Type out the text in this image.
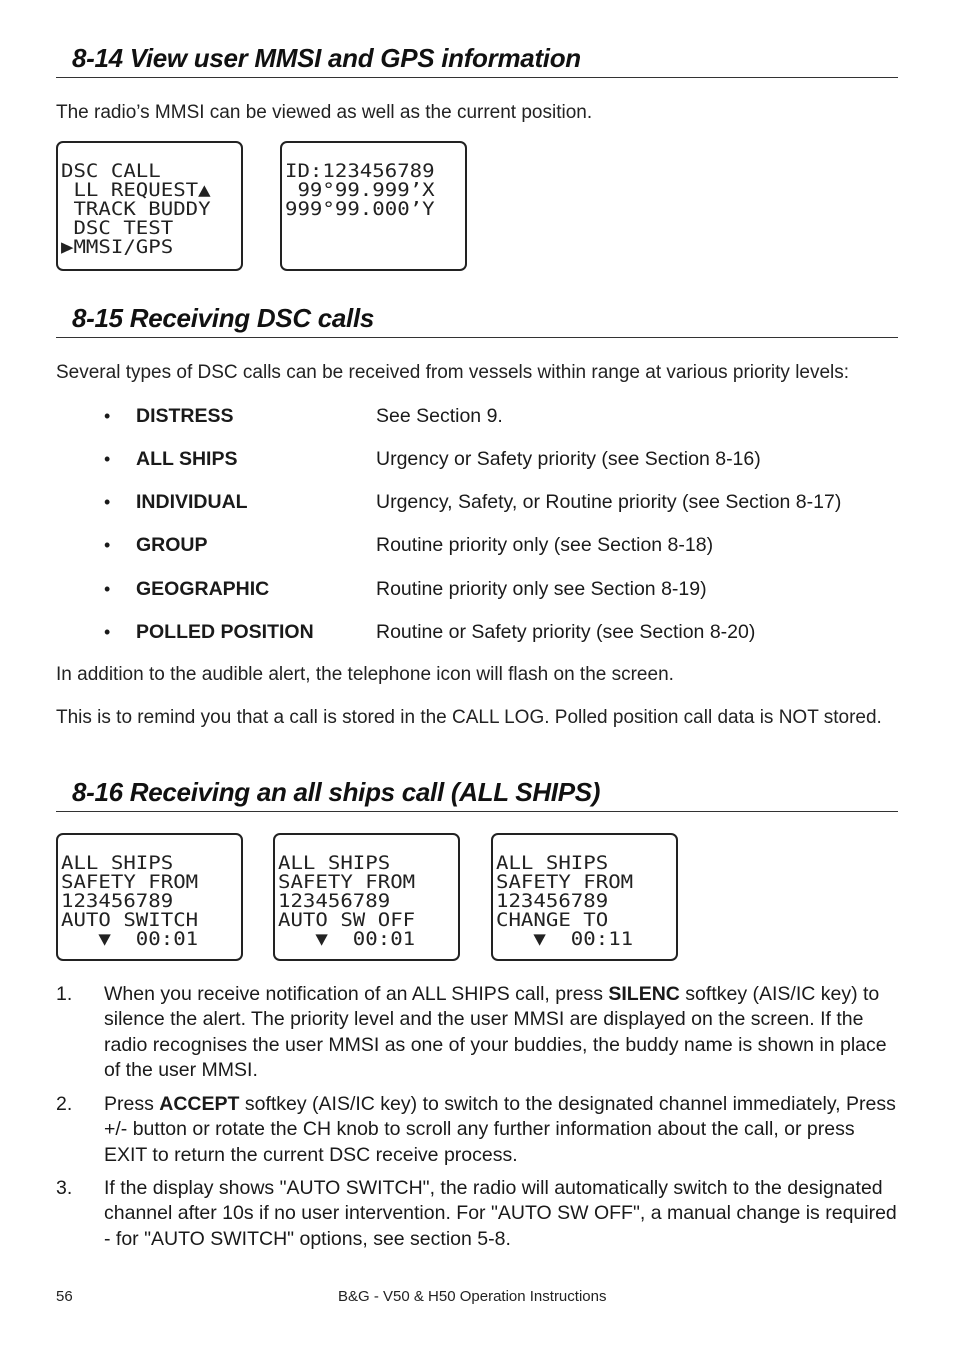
8-14 View user MMSI and GPS information

The radio’s MMSI can be viewed as well as the current position.

DSC CALL
LL REQUEST▲
TRACK BUDDY
DSC TEST
▶MMSI/GPS
ID:123456789
99°99.999’X
999°99.000’Y
8-15 Receiving DSC calls

Several types of DSC calls can be received from vessels within range at various priority levels:

• DISTRESS	See Section 9.
• ALL SHIPS	Urgency or Safety priority (see Section 8-16)
• INDIVIDUAL	Urgency, Safety, or Routine priority (see Section 8-17)
• GROUP	Routine priority only (see Section 8-18)
• GEOGRAPHIC	Routine priority only see Section 8-19)
• POLLED POSITION	Routine or Safety priority (see Section 8-20)

In addition to the audible alert, the telephone icon will flash on the screen.

This is to remind you that a call is stored in the CALL LOG. Polled position call data is NOT stored.

8-16 Receiving an all ships call (ALL SHIPS)
ALL SHIPS
SAFETY FROM
123456789
AUTO SWITCH
▼  00:01
ALL SHIPS
SAFETY FROM
123456789
AUTO SW OFF
▼  00:01
ALL SHIPS
SAFETY FROM
123456789
CHANGE TO
▼  00:11
1. When you receive notification of an ALL SHIPS call, press SILENC softkey (AIS/IC key) to silence the alert. The priority level and the user MMSI are displayed on the screen. If the radio recognises the user MMSI as one of your buddies, the buddy name is shown in place of the user MMSI.
2. Press ACCEPT softkey (AIS/IC key) to switch to the designated channel immediately, Press +/- button or rotate the CH knob to scroll any further information about the call, or press EXIT to return the current DSC receive process.
3. If the display shows "AUTO SWITCH", the radio will automatically switch to the designated channel after 10s if no user intervention. For "AUTO SW OFF", a manual change is required - for "AUTO SWITCH" options, see section 5-8.
56	B&G - V50 & H50 Operation Instructions
